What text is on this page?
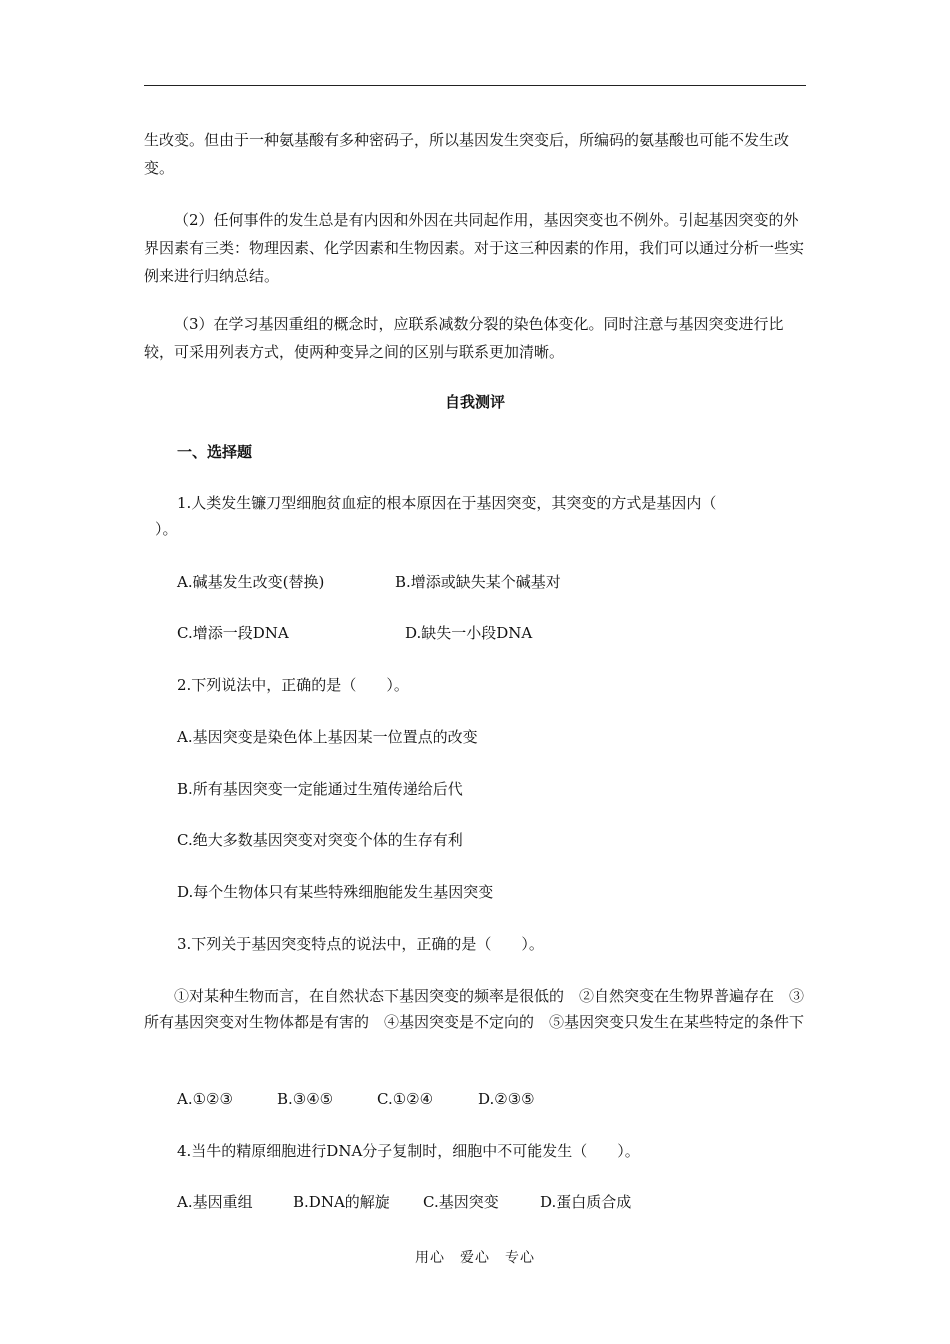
生改变。但由于一种氨基酸有多种密码子，所以基因发生突变后，所编码的氨基酸也可能不发生改变。
（2）任何事件的发生总是有内因和外因在共同起作用，基因突变也不例外。引起基因突变的外界因素有三类：物理因素、化学因素和生物因素。对于这三种因素的作用，我们可以通过分析一些实例来进行归纳总结。
（3）在学习基因重组的概念时，应联系减数分裂的染色体变化。同时注意与基因突变进行比较，可采用列表方式，使两种变异之间的区别与联系更加清晰。
自我测评
一、选择题
1.人类发生镰刀型细胞贫血症的根本原因在于基因突变，其突变的方式是基因内（
）。
A.碱基发生改变(替换)	B.增添或缺失某个碱基对
C.增添一段DNA	D.缺失一小段DNA
2.下列说法中，正确的是（　　）。
A.基因突变是染色体上基因某一位置点的改变
B.所有基因突变一定能通过生殖传递给后代
C.绝大多数基因突变对突变个体的生存有利
D.每个生物体只有某些特殊细胞能发生基因突变
3.下列关于基因突变特点的说法中，正确的是（　　）。
①对某种生物而言，在自然状态下基因突变的频率是很低的　②自然突变在生物界普遍存在　③所有基因突变对生物体都是有害的　④基因突变是不定向的　⑤基因突变只发生在某些特定的条件下
A.①②③	B.③④⑤	C.①②④	D.②③⑤
4.当牛的精原细胞进行DNA分子复制时，细胞中不可能发生（　　）。
A.基因重组	B.DNA的解旋 C.基因突变	D.蛋白质合成
用心　爱心　专心
